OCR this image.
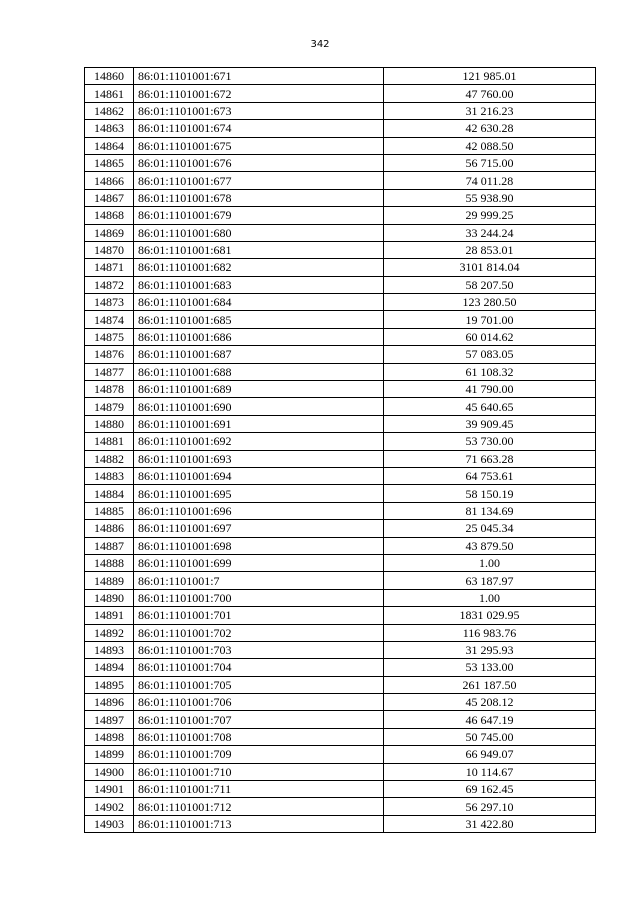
342
14860	86:01:1101001:671	121 985.01
14861	86:01:1101001:672	47 760.00
14862	86:01:1101001:673	31 216.23
14863	86:01:1101001:674	42 630.28
14864	86:01:1101001:675	42 088.50
14865	86:01:1101001:676	56 715.00
14866	86:01:1101001:677	74 011.28
14867	86:01:1101001:678	55 938.90
14868	86:01:1101001:679	29 999.25
14869	86:01:1101001:680	33 244.24
14870	86:01:1101001:681	28 853.01
14871	86:01:1101001:682	3101 814.04
14872	86:01:1101001:683	58 207.50
14873	86:01:1101001:684	123 280.50
14874	86:01:1101001:685	19 701.00
14875	86:01:1101001:686	60 014.62
14876	86:01:1101001:687	57 083.05
14877	86:01:1101001:688	61 108.32
14878	86:01:1101001:689	41 790.00
14879	86:01:1101001:690	45 640.65
14880	86:01:1101001:691	39 909.45
14881	86:01:1101001:692	53 730.00
14882	86:01:1101001:693	71 663.28
14883	86:01:1101001:694	64 753.61
14884	86:01:1101001:695	58 150.19
14885	86:01:1101001:696	81 134.69
14886	86:01:1101001:697	25 045.34
14887	86:01:1101001:698	43 879.50
14888	86:01:1101001:699	1.00
14889	86:01:1101001:7	63 187.97
14890	86:01:1101001:700	1.00
14891	86:01:1101001:701	1831 029.95
14892	86:01:1101001:702	116 983.76
14893	86:01:1101001:703	31 295.93
14894	86:01:1101001:704	53 133.00
14895	86:01:1101001:705	261 187.50
14896	86:01:1101001:706	45 208.12
14897	86:01:1101001:707	46 647.19
14898	86:01:1101001:708	50 745.00
14899	86:01:1101001:709	66 949.07
14900	86:01:1101001:710	10 114.67
14901	86:01:1101001:711	69 162.45
14902	86:01:1101001:712	56 297.10
14903	86:01:1101001:713	31 422.80
